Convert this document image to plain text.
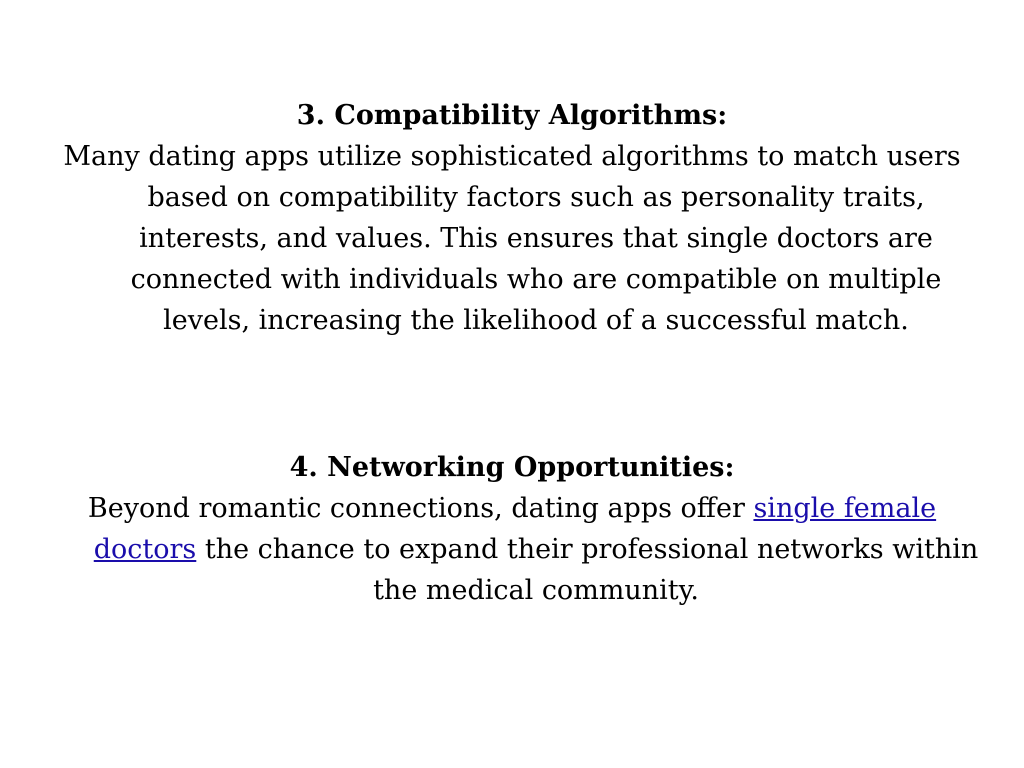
3. Compatibility Algorithms:

Many dating apps utilize sophisticated algorithms to match users based on compatibility factors such as personality traits, interests, and values. This ensures that single doctors are connected with individuals who are compatible on multiple levels, increasing the likelihood of a successful match.

4. Networking Opportunities:

Beyond romantic connections, dating apps offer single female doctors the chance to expand their professional networks within the medical community.
